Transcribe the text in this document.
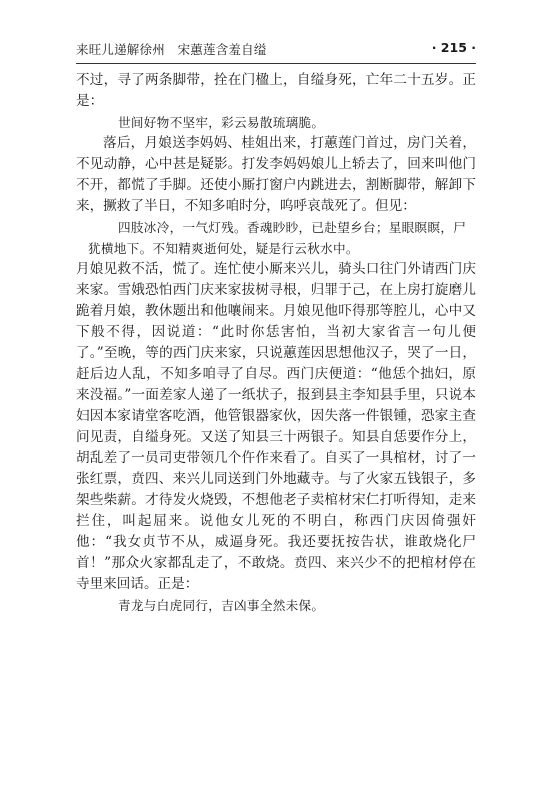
来旺儿递解徐州　宋蕙莲含羞自缢	· 215 ·

不过，寻了两条脚带，拴在门楹上，自缢身死，亡年二十五岁。正是：

世间好物不坚牢，彩云易散琉璃脆。

落后，月娘送李妈妈、桂姐出来，打蕙莲门首过，房门关着，不见动静，心中甚是疑影。打发李妈妈娘儿上轿去了，回来叫他门不开，都慌了手脚。还使小厮打窗户内跳进去，割断脚带，解卸下来，撅救了半日，不知多咱时分，呜呼哀哉死了。但见：

四肢冰冷，一气灯残。香魂眇眇，已赴望乡台；星眼瞑瞑，尸

犹横地下。不知精爽逝何处，疑是行云秋水中。

月娘见救不活，慌了。连忙使小厮来兴儿，骑头口往门外请西门庆来家。雪娥恐怕西门庆来家拔树寻根，归罪于己，在上房打旋磨儿跪着月娘，教休题出和他嚷闹来。月娘见他吓得那等腔儿，心中又下般不得，因说道：“此时你恁害怕，当初大家省言一句儿便了。”至晚，等的西门庆来家，只说蕙莲因思想他汉子，哭了一日，赶后边人乱，不知多咱寻了自尽。西门庆便道：“他恁个拙妇，原来没福。”一面差家人递了一纸状子，报到县主李知县手里，只说本妇因本家请堂客吃酒，他管银器家伙，因失落一件银锺，恐家主查问见责，自缢身死。又送了知县三十两银子。知县自恁要作分上，胡乱差了一员司吏带领几个仵作来看了。自买了一具棺材，讨了一张红票，贲四、来兴儿同送到门外地藏寺。与了火家五钱银子，多架些柴薪。才待发火烧毁，不想他老子卖棺材宋仁打听得知，走来拦住，叫起屈来。说他女儿死的不明白，称西门庆因倚强奸他：“我女贞节不从，威逼身死。我还要抚按告状，谁敢烧化尸首！”那众火家都乱走了，不敢烧。贲四、来兴少不的把棺材停在寺里来回话。正是：

青龙与白虎同行，吉凶事全然未保。
